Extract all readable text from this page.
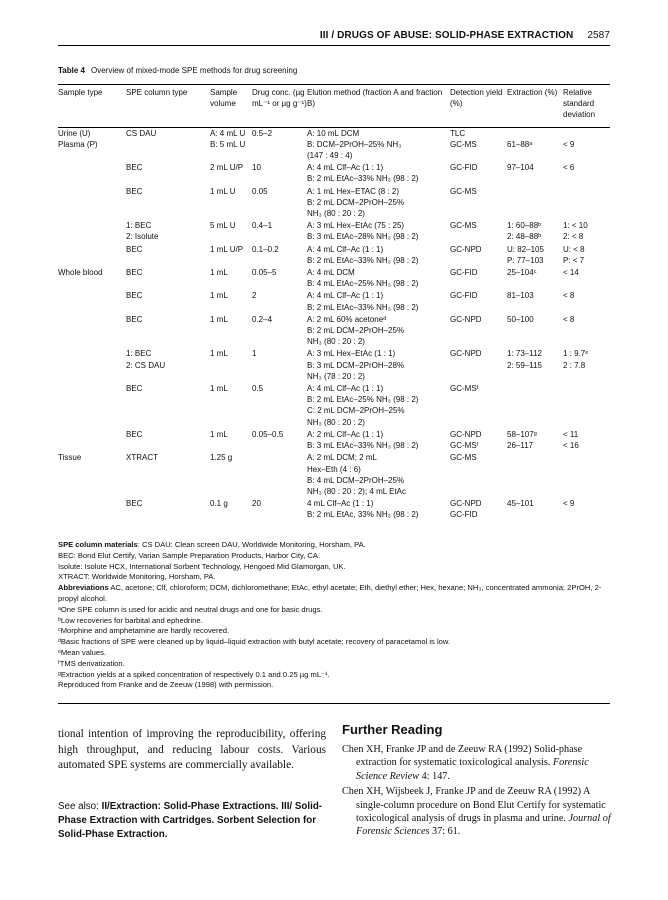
III / DRUGS OF ABUSE: SOLID-PHASE EXTRACTION 2587
Table 4 Overview of mixed-mode SPE methods for drug screening
Sample type	SPE column type	Sample volume	Drug conc. (µg mL⁻¹ or µg g⁻¹)	Elution method (fraction A and fraction B)	Detection yield (%)	Extraction (%)	Relative standard deviation
Urine (U)	CS DAU	A: 4 mL U	0.5–2	A: 10 mL DCM	TLC		
Plasma (P)		B: 5 mL U		B: DCM–2PrOH–25% NH₃	GC-MS	61–88ᵃ	< 9
				(147 : 49 : 4)			
	BEC	2 mL U/P	10	A: 4 mL Clf–Ac (1 : 1)	GC-FID	97–104	< 6
				B: 2 mL EtAc–33% NH₃ (98 : 2)			
	BEC	1 mL U	0.05	A: 1 mL Hex–ETAC (8 : 2)	GC-MS		
				B: 2 mL DCM–2PrOH–25%			
				NH₃ (80 : 20 : 2)			
	1: BEC	5 mL U	0.4–1	A: 3 mL Hex–EtAc (75 : 25)	GC-MS	1: 60–88ᵇ	1: < 10
	2: Isolute			B: 3 mL EtAc–28% NH₃ (98 : 2)		2: 48–88ᵇ	2: < 8
	BEC	1 mL U/P	0.1–0.2	A: 4 mL Clf–Ac (1 : 1)	GC-NPD	U: 82–105	U: < 8
				B: 2 mL EtAc–33% NH₃ (98 : 2)		P: 77–103	P: < 7
Whole blood	BEC	1 mL	0.05–5	A: 4 mL DCM	GC-FID	25–104ᶜ	< 14
				B: 4 mL EtAc–25% NH₃ (98 : 2)			
	BEC	1 mL	2	A: 4 mL Clf–Ac (1 : 1)	GC-FID	81–103	< 8
				B: 2 mL EtAc–33% NH₃ (98 : 2)			
	BEC	1 mL	0.2–4	A: 2 mL 60% acetoneᵈ	GC-NPD	50–100	< 8
				B: 2 mL DCM–2PrOH–25%			
				NH₃ (80 : 20 : 2)			
	1: BEC	1 mL	1	A: 3 mL Hex–EtAc (1 : 1)	GC-NPD	1: 73–112	1 : 9.7ᵉ
	2: CS DAU			B: 3 mL DCM–2PrOH–28%		2: 59–115	2 : 7.8
				NH₃ (78 : 20 : 2)			
	BEC	1 mL	0.5	A: 4 mL Clf–Ac (1 : 1)	GC-MSᶠ		
				B: 2 mL EtAc–25% NH₃ (98 : 2)			
				C: 2 mL DCM–2PrOH–25%			
				NH₃ (80 : 20 : 2)			
	BEC	1 mL	0.05–0.5	A: 2 mL Clf–Ac (1 : 1)	GC-NPD	58–107ᵍ	< 11
				B: 3 mL EtAc–33% NH₃ (98 : 2)	GC-MSᶠ	26–117	< 16
Tissue	XTRACT	1.25 g		A: 2 mL DCM; 2 mL	GC-MS		
				Hex–Eth (4 : 6)			
				B: 4 mL DCM–2PrOH–25%			
				NH₃ (80 : 20 : 2); 4 mL EtAc			
	BEC	0.1 g	20	4 mL Clf–Ac (1 : 1)	GC-NPD	45–101	< 9
				B: 2 mL EtAc, 33% NH₃ (98 : 2)	GC-FID		

SPE column materials: CS DAU: Clean screen DAU, Worldwide Monitoring, Horsham, PA.

BEC: Bond Elut Certify, Varian Sample Preparation Products, Harbor City, CA.

Isolute: Isolute HCX, International Sorbent Technology, Hengoed Mid Glamorgan, UK.

XTRACT: Worldwide Monitoring, Horsham, PA.

Abbreviations AC, acetone; Clf, chloroform; DCM, dichloromethane; EtAc, ethyl acetate; Eth, diethyl ether; Hex, hexane; NH₃, concentrated ammonia; 2PrOH, 2-propyl alcohol.

ᵃOne SPE column is used for acidic and neutral drugs and one for basic drugs.

ᵇLow recoveries for barbital and ephedrine.

ᶜMorphine and amphetamine are hardly recovered.

ᵈBasic fractions of SPE were cleaned up by liquid–liquid extraction with butyl acetate; recovery of paracetamol is low.

ᵉMean values.

ᶠTMS derivatization.

ᵍExtraction yields at a spiked concentration of respectively 0.1 and 0.25 µg mL⁻¹.

Reproduced from Franke and de Zeeuw (1998) with permission.

tional intention of improving the reproducibility, offering high throughput, and reducing labour costs. Various automated SPE systems are commercially available.

See also: II/Extraction: Solid-Phase Extractions. III/ Solid-Phase Extraction with Cartridges. Sorbent Selection for Solid-Phase Extraction.
Further Reading
Chen XH, Franke JP and de Zeeuw RA (1992) Solid-phase extraction for systematic toxicological analysis. Forensic Science Review 4: 147.
Chen XH, Wijsbeek J, Franke JP and de Zeeuw RA (1992) A single-column procedure on Bond Elut Certify for systematic toxicological analysis of drugs in plasma and urine. Journal of Forensic Sciences 37: 61.
